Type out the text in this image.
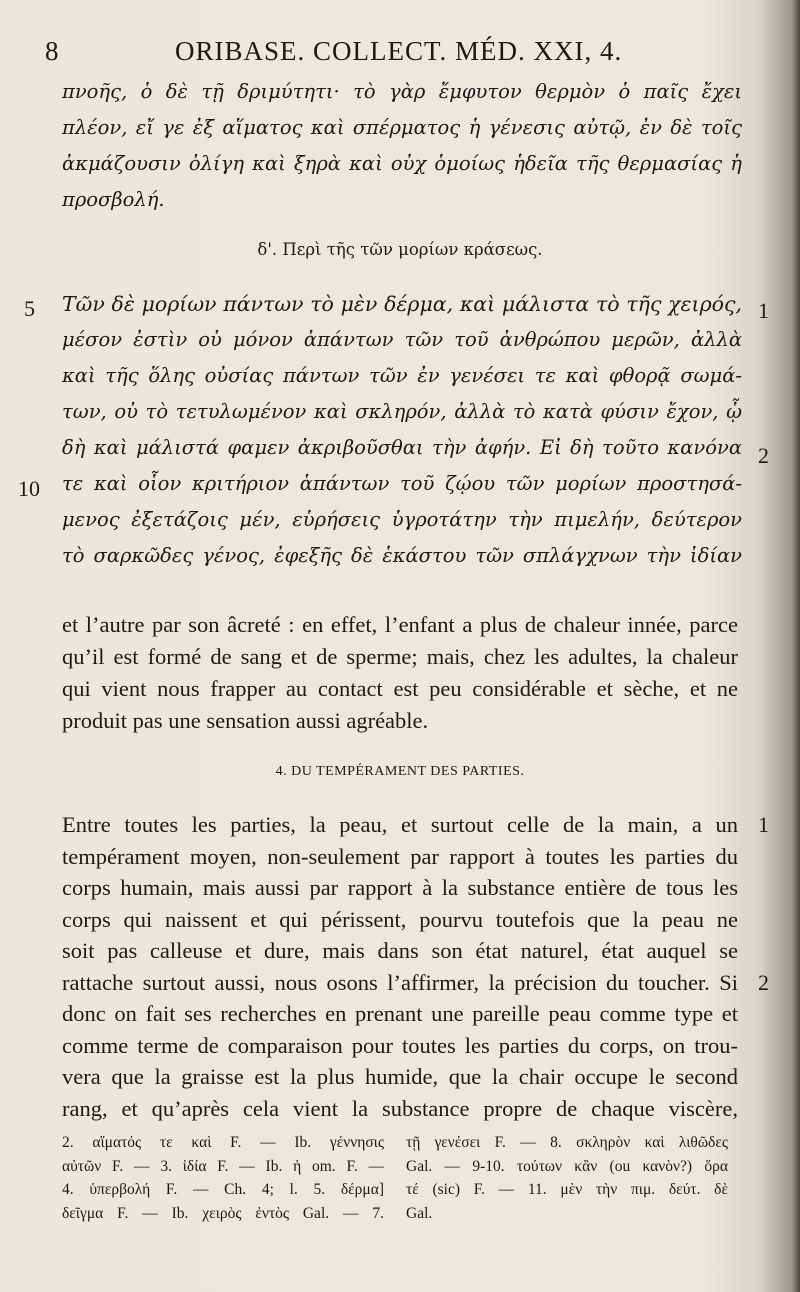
8	ORIBASE. COLLECT. MÉD. XXI, 4.
πνοῆς, ὁ δὲ τῇ δριμύτητι· τὸ γὰρ ἔμφυτον θερμὸν ὁ παῖς ἔχει
πλέον, εἴ γε ἐξ αἵματος καὶ σπέρματος ἡ γένεσις αὐτῷ, ἐν δὲ τοῖς
ἀκμάζουσιν ὀλίγη καὶ ξηρὰ καὶ οὐχ ὁμοίως ἡδεῖα τῆς θερμασίας ἡ
προσβολή.
δ'. Περὶ τῆς τῶν μορίων κράσεως.
5
10
1
2
Τῶν δὲ μορίων πάντων τὸ μὲν δέρμα, καὶ μάλιστα τὸ τῆς χειρός,
μέσον ἐστὶν οὐ μόνον ἁπάντων τῶν τοῦ ἀνθρώπου μερῶν, ἀλλὰ
καὶ τῆς ὅλης οὐσίας πάντων τῶν ἐν γενέσει τε καὶ φθορᾷ σωμά-
των, οὐ τὸ τετυλωμένον καὶ σκληρόν, ἀλλὰ τὸ κατὰ φύσιν ἔχον, ᾧ
δὴ καὶ μάλιστά φαμεν ἀκριβοῦσθαι τὴν ἀφήν. Εἰ δὴ τοῦτο κανόνα
τε καὶ οἷον κριτήριον ἁπάντων τοῦ ζῴου τῶν μορίων προστησά-
μενος ἐξετάζοις μέν, εὑρήσεις ὑγροτάτην τὴν πιμελήν, δεύτερον
τὸ σαρκῶδες γένος, ἐφεξῆς δὲ ἑκάστου τῶν σπλάγχνων τὴν ἰδίαν
et l’autre par son âcreté : en effet, l’enfant a plus de chaleur innée, parce
qu’il est formé de sang et de sperme; mais, chez les adultes, la chaleur
qui vient nous frapper au contact est peu considérable et sèche, et ne
produit pas une sensation aussi agréable.
4. DU TEMPÉRAMENT DES PARTIES.
1
2
Entre toutes les parties, la peau, et surtout celle de la main, a un
tempérament moyen, non-seulement par rapport à toutes les parties du
corps humain, mais aussi par rapport à la substance entière de tous les
corps qui naissent et qui périssent, pourvu toutefois que la peau ne
soit pas calleuse et dure, mais dans son état naturel, état auquel se
rattache surtout aussi, nous osons l’affirmer, la précision du toucher. Si
donc on fait ses recherches en prenant une pareille peau comme type et
comme terme de comparaison pour toutes les parties du corps, on trou-
vera que la graisse est la plus humide, que la chair occupe le second
rang, et qu’après cela vient la substance propre de chaque viscère,
2. αἵματός τε καὶ F. — Ib. γέννησις
αὐτῶν F. — 3. ἰδία F. — Ib. ἡ om. F. —
4. ὑπερβολή F. — Ch. 4; l. 5. δέρμα]
δεῖγμα F. — Ib. χειρὸς ἐντὸς Gal. — 7.
τῇ γενέσει F. — 8. σκληρὸν καὶ λιθῶδες
Gal. — 9-10. τούτων κἂν (ou κανὸν?) ὅρα
τέ (sic) F. — 11. μὲν τὴν πιμ. δεύτ. δὲ
Gal.
